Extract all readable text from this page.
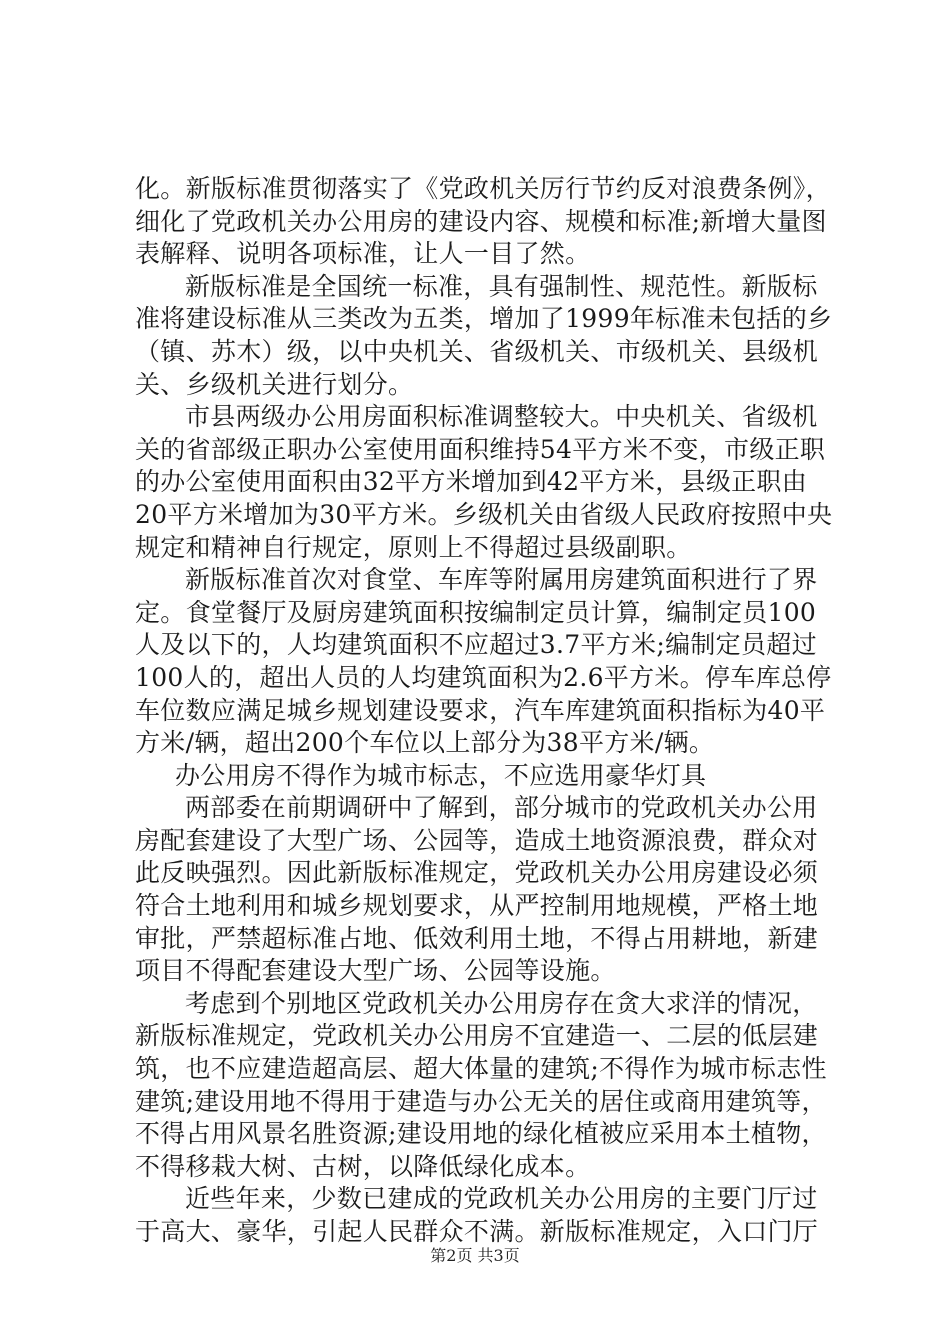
化。新版标准贯彻落实了《党政机关厉行节约反对浪费条例》，细化了党政机关办公用房的建设内容、规模和标准;新增大量图表解释、说明各项标准，让人一目了然。

新版标准是全国统一标准，具有强制性、规范性。新版标准将建设标准从三类改为五类，增加了1999年标准未包括的乡（镇、苏木）级，以中央机关、省级机关、市级机关、县级机关、乡级机关进行划分。

市县两级办公用房面积标准调整较大。中央机关、省级机关的省部级正职办公室使用面积维持54平方米不变，市级正职的办公室使用面积由32平方米增加到42平方米，县级正职由20平方米增加为30平方米。乡级机关由省级人民政府按照中央规定和精神自行规定，原则上不得超过县级副职。

新版标准首次对食堂、车库等附属用房建筑面积进行了界定。食堂餐厅及厨房建筑面积按编制定员计算，编制定员100人及以下的，人均建筑面积不应超过3.7平方米;编制定员超过100人的，超出人员的人均建筑面积为2.6平方米。停车库总停车位数应满足城乡规划建设要求，汽车库建筑面积指标为40平方米/辆，超出200个车位以上部分为38平方米/辆。

办公用房不得作为城市标志，不应选用豪华灯具

两部委在前期调研中了解到，部分城市的党政机关办公用房配套建设了大型广场、公园等，造成土地资源浪费，群众对此反映强烈。因此新版标准规定，党政机关办公用房建设必须符合土地利用和城乡规划要求，从严控制用地规模，严格土地审批，严禁超标准占地、低效利用土地，不得占用耕地，新建项目不得配套建设大型广场、公园等设施。

考虑到个别地区党政机关办公用房存在贪大求洋的情况，新版标准规定，党政机关办公用房不宜建造一、二层的低层建筑，也不应建造超高层、超大体量的建筑;不得作为城市标志性建筑;建设用地不得用于建造与办公无关的居住或商用建筑等，不得占用风景名胜资源;建设用地的绿化植被应采用本土植物，不得移栽大树、古树，以降低绿化成本。

近些年来，少数已建成的党政机关办公用房的主要门厅过于高大、豪华，引起人民群众不满。新版标准规定，入口门厅

第2页 共3页
